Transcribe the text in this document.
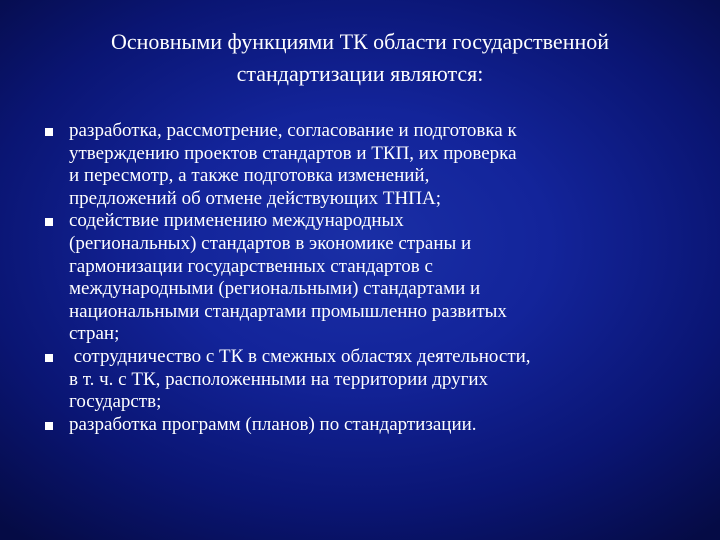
Основными функциями ТК области государственной
стандартизации являются:
разработка, рассмотрение, согласование и подготовка к
утверждению проектов стандартов и ТКП, их проверка
и пересмотр, а также подготовка изменений,
предложений об отмене действующих ТНПА;
содействие применению международных
(региональных) стандартов в экономике страны и
гармонизации государственных стандартов с
международными (региональными) стандартами и
национальными стандартами промышленно развитых
стран;
сотрудничество с ТК в смежных областях деятельности,
в т. ч. с ТК, расположенными на территории других
государств;
разработка программ (планов) по стандартизации.
